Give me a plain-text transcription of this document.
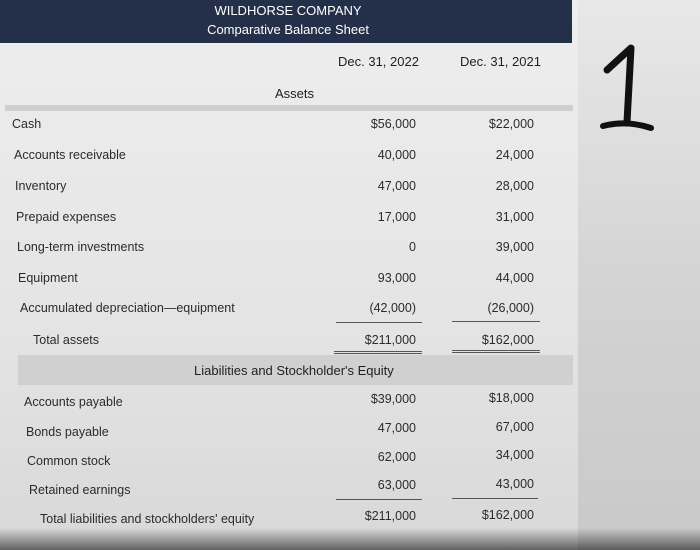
WILDHORSE COMPANY
Comparative Balance Sheet
Dec. 31, 2022	Dec. 31, 2021
Assets
Cash	$56,000	$22,000
Accounts receivable	40,000	24,000
Inventory	47,000	28,000
Prepaid expenses	17,000	31,000
Long-term investments	0	39,000
Equipment	93,000	44,000
Accumulated depreciation—equipment	(42,000)	(26,000)
Total assets	$211,000	$162,000
Liabilities and Stockholder's Equity
Accounts payable	$39,000	$18,000
Bonds payable	47,000	67,000
Common stock	62,000	34,000
Retained earnings	63,000	43,000
Total liabilities and stockholders' equity	$211,000	$162,000
